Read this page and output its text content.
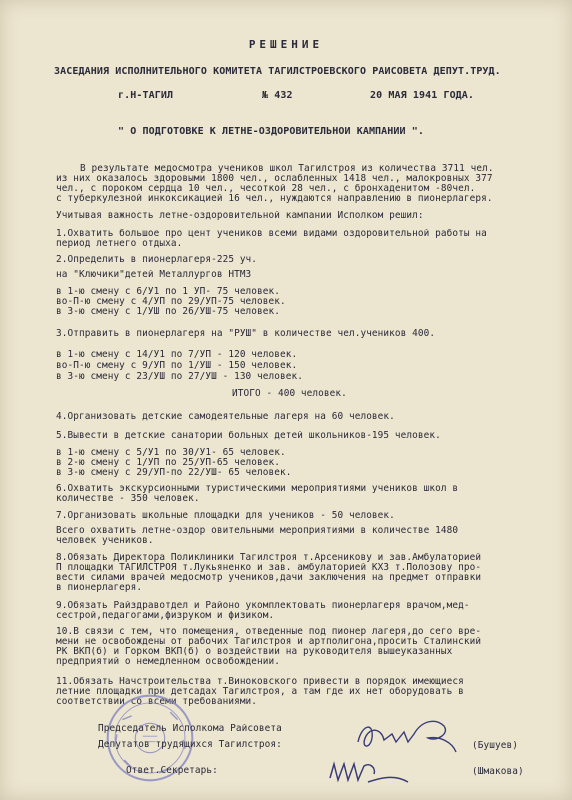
РЕШЕНИЕ
ЗАСЕДАНИЯ ИСПОЛНИТЕЛЬНОГО КОМИТЕТА ТАГИЛСТРОЕВСКОГО РАЙСОВЕТА ДЕПУТ.ТРУД.
г.Н-ТАГИЛ	№ 432	20 МАЯ 1941 ГОДА.
" О ПОДГОТОВКЕ К ЛЕТНЕ-ОЗДОРОВИТЕЛЬНОЙ КАМПАНИИ ".
В результате медосмотра учеников школ Тагилстроя из количества 3711 чел.
из них оказалось здоровыми 1800 чел., ослабленных 1418 чел., малокровных 377
чел., с пороком сердца 10 чел., чесоткой 28 чел., с бронхаденитом -80чел.
с туберкулезной инкоксикацией 16 чел., нуждаются направлению в пионерлагеря.
Учитывая важность летне-оздоровительной кампании Исполком решил:
1.Охватить большое про цент учеников всеми видами оздоровительной работы на
период летнего отдыха.
2.Определить в пионерлагеря-225 уч.
на "Ключики"детей Металлургов НТМЗ
в 1-ю смену с 6/У1 по 1 УП- 75 человек.
во-П-ю смену с 4/УП по 29/УП-75 человек.
в 3-ю смену с 1/УШ по 26/УШ-75 человек.
3.Отправить в пионерлагеря на "РУШ" в количестве чел.учеников 400.
в 1-ю смену с 14/У1 по 7/УП - 120 человек.
во-П-ю смену с 9/УП по 1/УШ - 150 человек.
в 3-ю смену с 23/УШ по 27/УШ - 130 человек.
ИТОГО - 400 человек.
4.Организовать детские самодеятельные лагеря на 60 человек.
5.Вывести в детские санатории больных детей школьников-195 человек.
в 1-ю смену с 5/У1 по 30/У1- 65 человек.
в 2-ю смену с 1/УП по 25/УП-65 человек.
в 3-ю смену с 29/УП-по 22/УШ- 65 человек.
6.Охватить экскурсионными туристическими мероприятиями учеников школ в
количестве - 350 человек.
7.Организовать школьные площадки для учеников - 50 человек.
Всего охватить летне-оздор овительными мероприятиями в количестве 1480
человек учеников.
8.Обязать Директора Поликлиники Тагилстроя т.Арсеникову и зав.Амбулаторией
П площадки ТАГИЛСТРОЯ т.Лукьяненко и зав. амбулаторией КХЗ т.Полозову про-
вести силами врачей медосмотр учеников,дачи заключения на предмет отправки
в пионерлагеря.
9.Обязать Райздравотдел и Районо укомплектовать пионерлагеря врачом,мед-
сестрой,педагогами,физруком и физиком.
10.В связи с тем, что помещения, отведенные под пионер лагеря,до сего вре-
мени не освобождены от рабочих Тагилстроя и артполигона,просить Сталинский
РК ВКП(б) и Горком ВКП(б) о воздействии на руководителя вышеуказанных
предприятий о немедленном освобождении.
11.Обязать Начстроительства т.Виноковского привести в порядок имеющиеся
летние площадки при детсадах Тагилстроя, а там где их нет оборудовать в
соответствии со всеми требованиями.
Председатель Исполкома Райсовета
Депутатов трудящихся Тагилстроя:
Ответ.Секретарь:
(Бушуев)
(Шмакова)
